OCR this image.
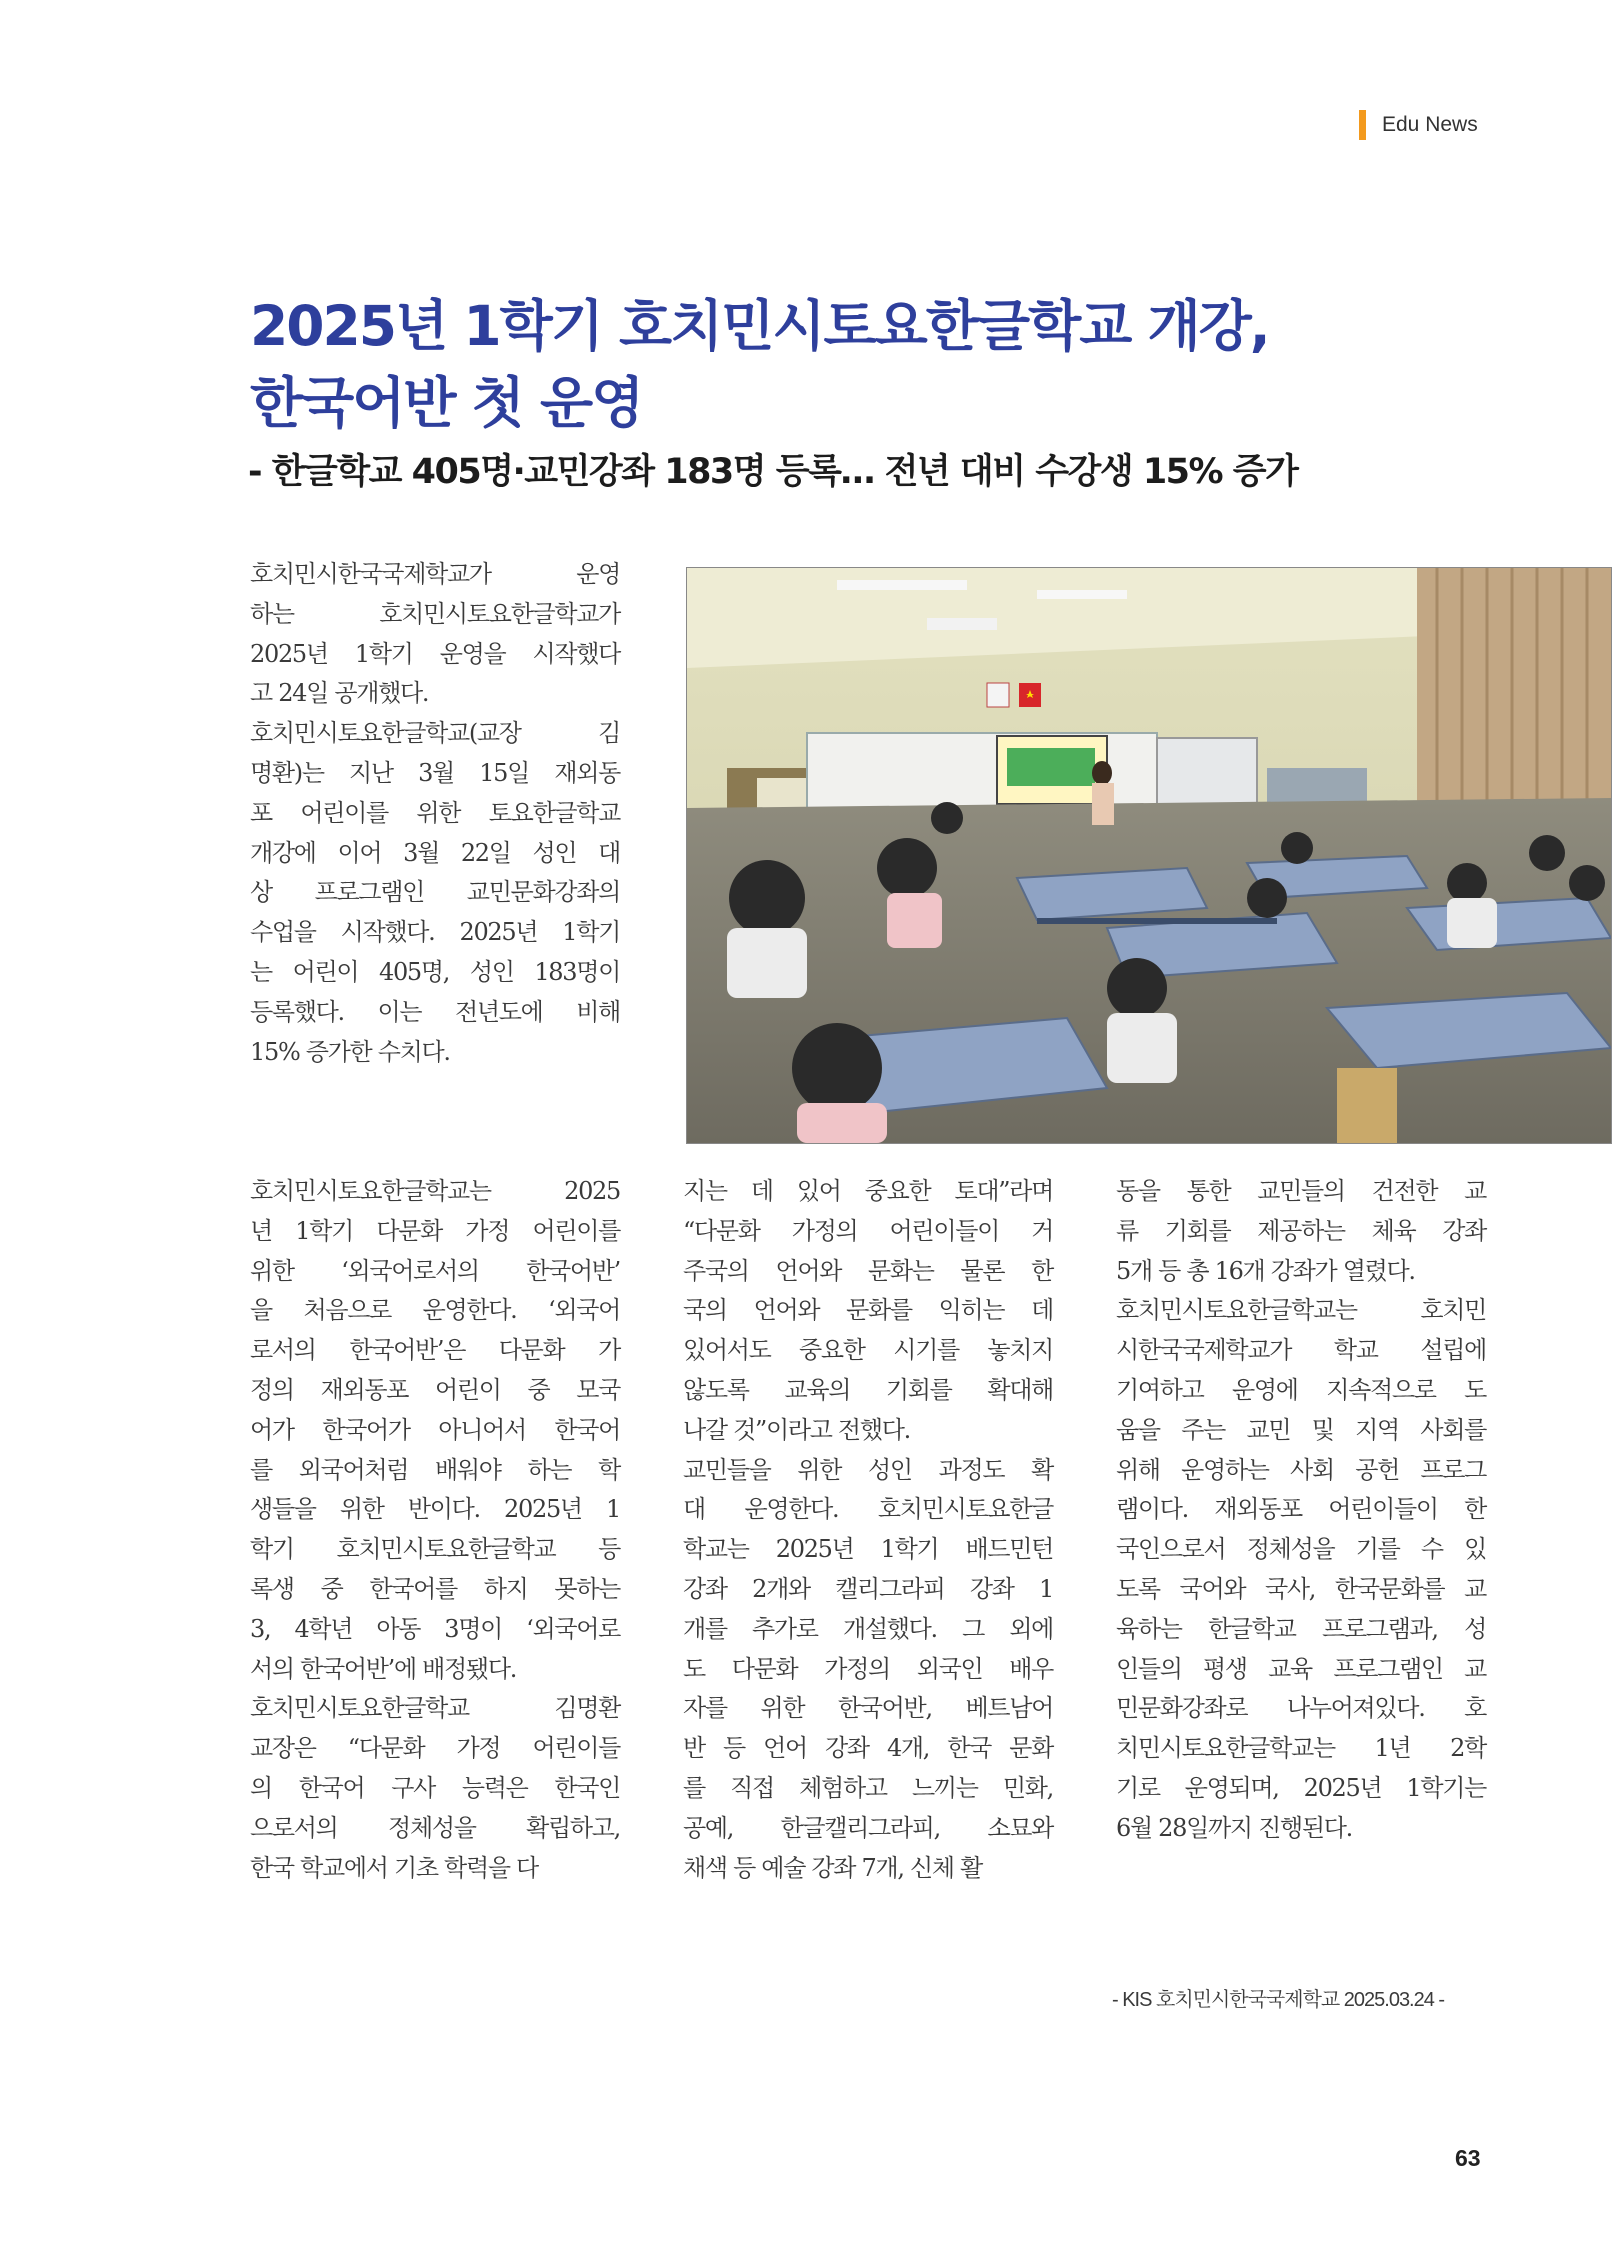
Edu News
2025년 1학기 호치민시토요한글학교 개강,
한국어반 첫 운영
- 한글학교 405명·교민강좌 183명 등록… 전년 대비 수강생 15% 증가

호치민시한국국제학교가 운영

하는 호치민시토요한글학교가

2025년 1학기 운영을 시작했다

고 24일 공개했다.

호치민시토요한글학교(교장 김

명환)는 지난 3월 15일 재외동

포 어린이를 위한 토요한글학교

개강에 이어 3월 22일 성인 대

상 프로그램인 교민문화강좌의

수업을 시작했다. 2025년 1학기

는 어린이 405명, 성인 183명이

등록했다. 이는 전년도에 비해

15% 증가한 수치다.

호치민시토요한글학교는 2025

년 1학기 다문화 가정 어린이를

위한 ‘외국어로서의 한국어반’

을 처음으로 운영한다. ‘외국어

로서의 한국어반’은 다문화 가

정의 재외동포 어린이 중 모국

어가 한국어가 아니어서 한국어

를 외국어처럼 배워야 하는 학

생들을 위한 반이다. 2025년 1

학기 호치민시토요한글학교 등

록생 중 한국어를 하지 못하는

3, 4학년 아동 3명이 ‘외국어로

서의 한국어반’에 배정됐다.

호치민시토요한글학교 김명환

교장은 “다문화 가정 어린이들

의 한국어 구사 능력은 한국인

으로서의 정체성을 확립하고,

한국 학교에서 기초 학력을 다

지는 데 있어 중요한 토대”라며

“다문화 가정의 어린이들이 거

주국의 언어와 문화는 물론 한

국의 언어와 문화를 익히는 데

있어서도 중요한 시기를 놓치지

않도록 교육의 기회를 확대해

나갈 것”이라고 전했다.

교민들을 위한 성인 과정도 확

대 운영한다. 호치민시토요한글

학교는 2025년 1학기 배드민턴

강좌 2개와 캘리그라피 강좌 1

개를 추가로 개설했다. 그 외에

도 다문화 가정의 외국인 배우

자를 위한 한국어반, 베트남어

반 등 언어 강좌 4개, 한국 문화

를 직접 체험하고 느끼는 민화,

공예, 한글캘리그라피, 소묘와

채색 등 예술 강좌 7개, 신체 활

동을 통한 교민들의 건전한 교

류 기회를 제공하는 체육 강좌

5개 등 총 16개 강좌가 열렸다.

호치민시토요한글학교는 호치민

시한국국제학교가 학교 설립에

기여하고 운영에 지속적으로 도

움을 주는 교민 및 지역 사회를

위해 운영하는 사회 공헌 프로그

램이다. 재외동포 어린이들이 한

국인으로서 정체성을 기를 수 있

도록 국어와 국사, 한국문화를 교

육하는 한글학교 프로그램과, 성

인들의 평생 교육 프로그램인 교

민문화강좌로 나누어져있다. 호

치민시토요한글학교는 1년 2학

기로 운영되며, 2025년 1학기는

6월 28일까지 진행된다.

- KIS 호치민시한국국제학교 2025.03.24 -
63
